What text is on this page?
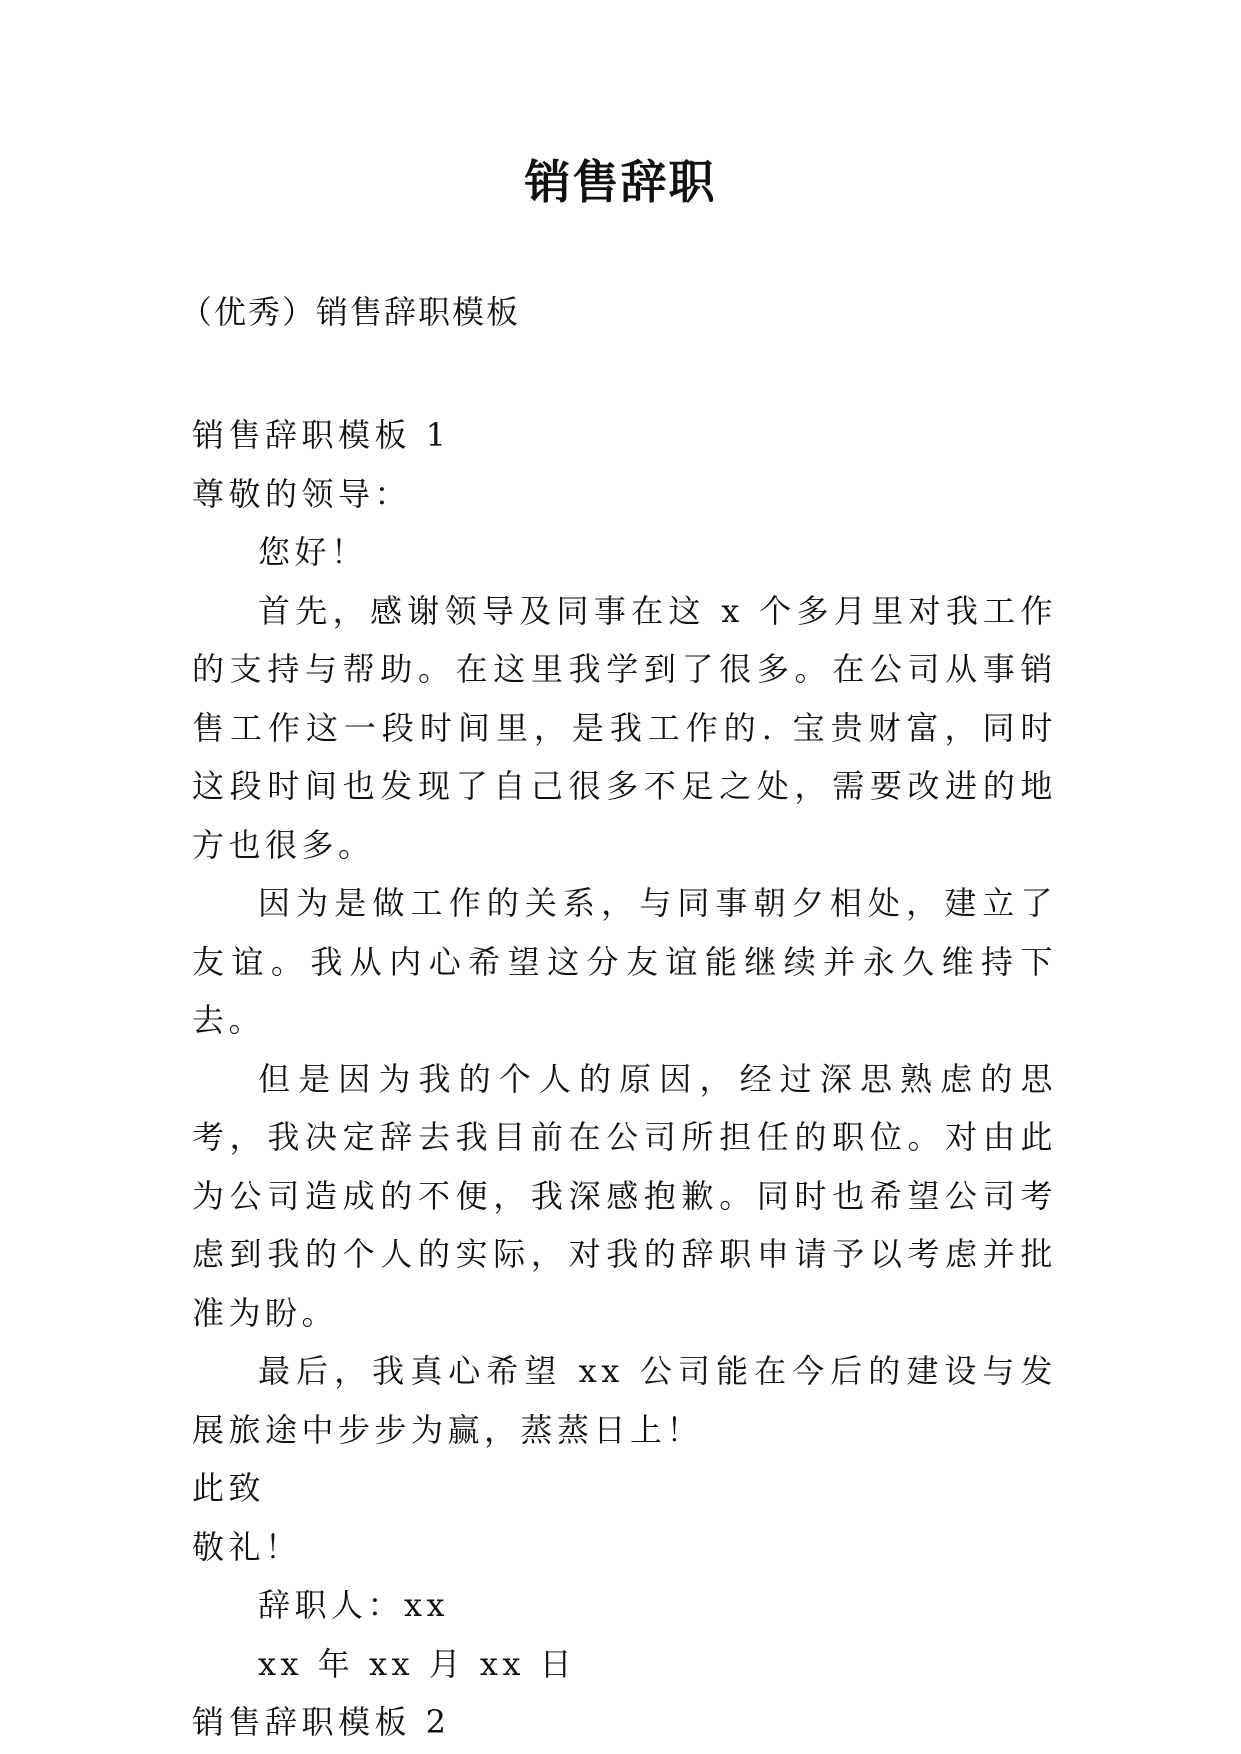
销售辞职
（优秀）销售辞职模板

销售辞职模板 1

尊敬的领导：

您好！

首先，感谢领导及同事在这 x 个多月里对我工作的支持与帮助。在这里我学到了很多。在公司从事销售工作这一段时间里，是我工作的. 宝贵财富，同时这段时间也发现了自己很多不足之处，需要改进的地方也很多。

因为是做工作的关系，与同事朝夕相处，建立了友谊。我从内心希望这分友谊能继续并永久维持下去。

但是因为我的个人的原因，经过深思熟虑的思考，我决定辞去我目前在公司所担任的职位。对由此为公司造成的不便，我深感抱歉。同时也希望公司考虑到我的个人的实际，对我的辞职申请予以考虑并批准为盼。

最后，我真心希望 xx 公司能在今后的建设与发展旅途中步步为赢，蒸蒸日上！

此致

敬礼！

辞职人：xx

xx 年 xx 月 xx 日

销售辞职模板 2
